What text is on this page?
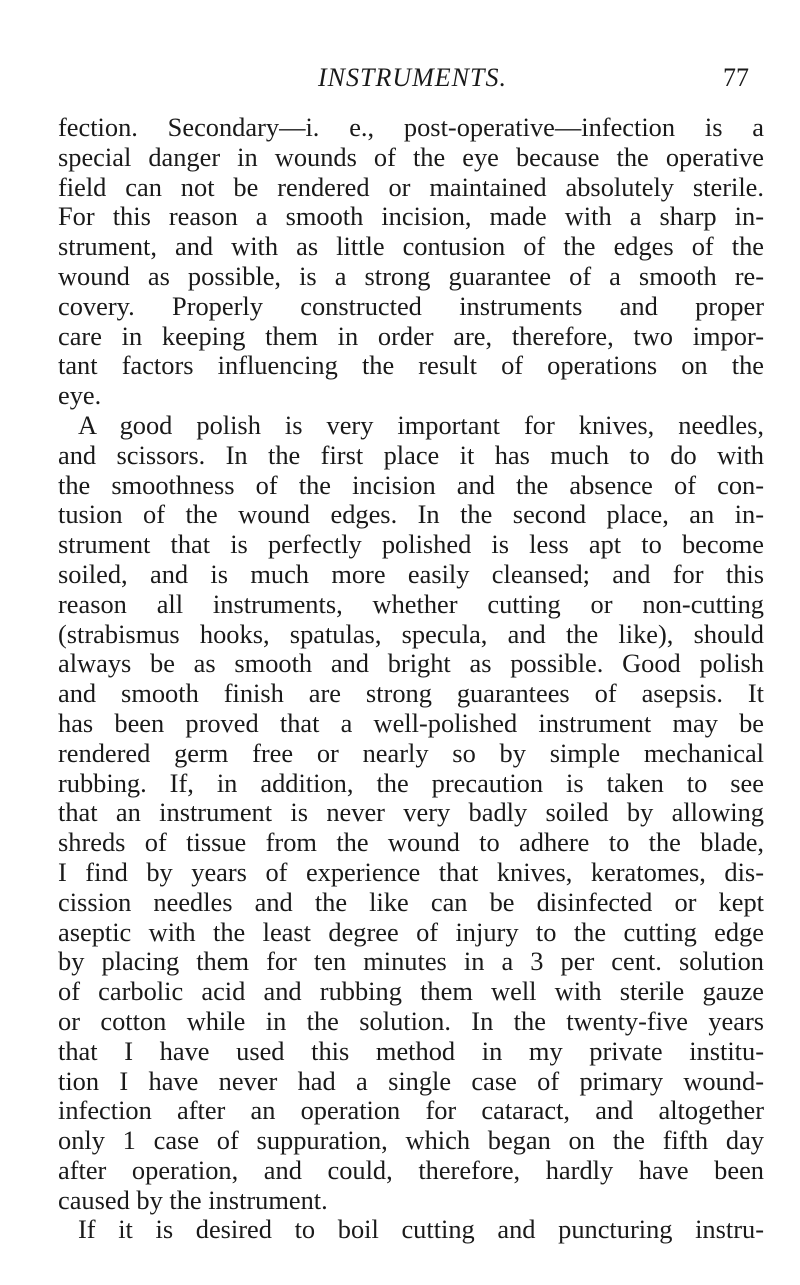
INSTRUMENTS.	77
fection. Secondary—i. e., post-operative—infection is a
special danger in wounds of the eye because the operative
field can not be rendered or maintained absolutely sterile.
For this reason a smooth incision, made with a sharp in-
strument, and with as little contusion of the edges of the
wound as possible, is a strong guarantee of a smooth re-
covery. Properly constructed instruments and proper
care in keeping them in order are, therefore, two impor-
tant factors influencing the result of operations on the
eye.
A good polish is very important for knives, needles,
and scissors. In the first place it has much to do with
the smoothness of the incision and the absence of con-
tusion of the wound edges. In the second place, an in-
strument that is perfectly polished is less apt to become
soiled, and is much more easily cleansed; and for this
reason all instruments, whether cutting or non-cutting
(strabismus hooks, spatulas, specula, and the like), should
always be as smooth and bright as possible. Good polish
and smooth finish are strong guarantees of asepsis. It
has been proved that a well-polished instrument may be
rendered germ free or nearly so by simple mechanical
rubbing. If, in addition, the precaution is taken to see
that an instrument is never very badly soiled by allowing
shreds of tissue from the wound to adhere to the blade,
I find by years of experience that knives, keratomes, dis-
cission needles and the like can be disinfected or kept
aseptic with the least degree of injury to the cutting edge
by placing them for ten minutes in a 3 per cent. solution
of carbolic acid and rubbing them well with sterile gauze
or cotton while in the solution. In the twenty-five years
that I have used this method in my private institu-
tion I have never had a single case of primary wound-
infection after an operation for cataract, and altogether
only 1 case of suppuration, which began on the fifth day
after operation, and could, therefore, hardly have been
caused by the instrument.
If it is desired to boil cutting and puncturing instru-
